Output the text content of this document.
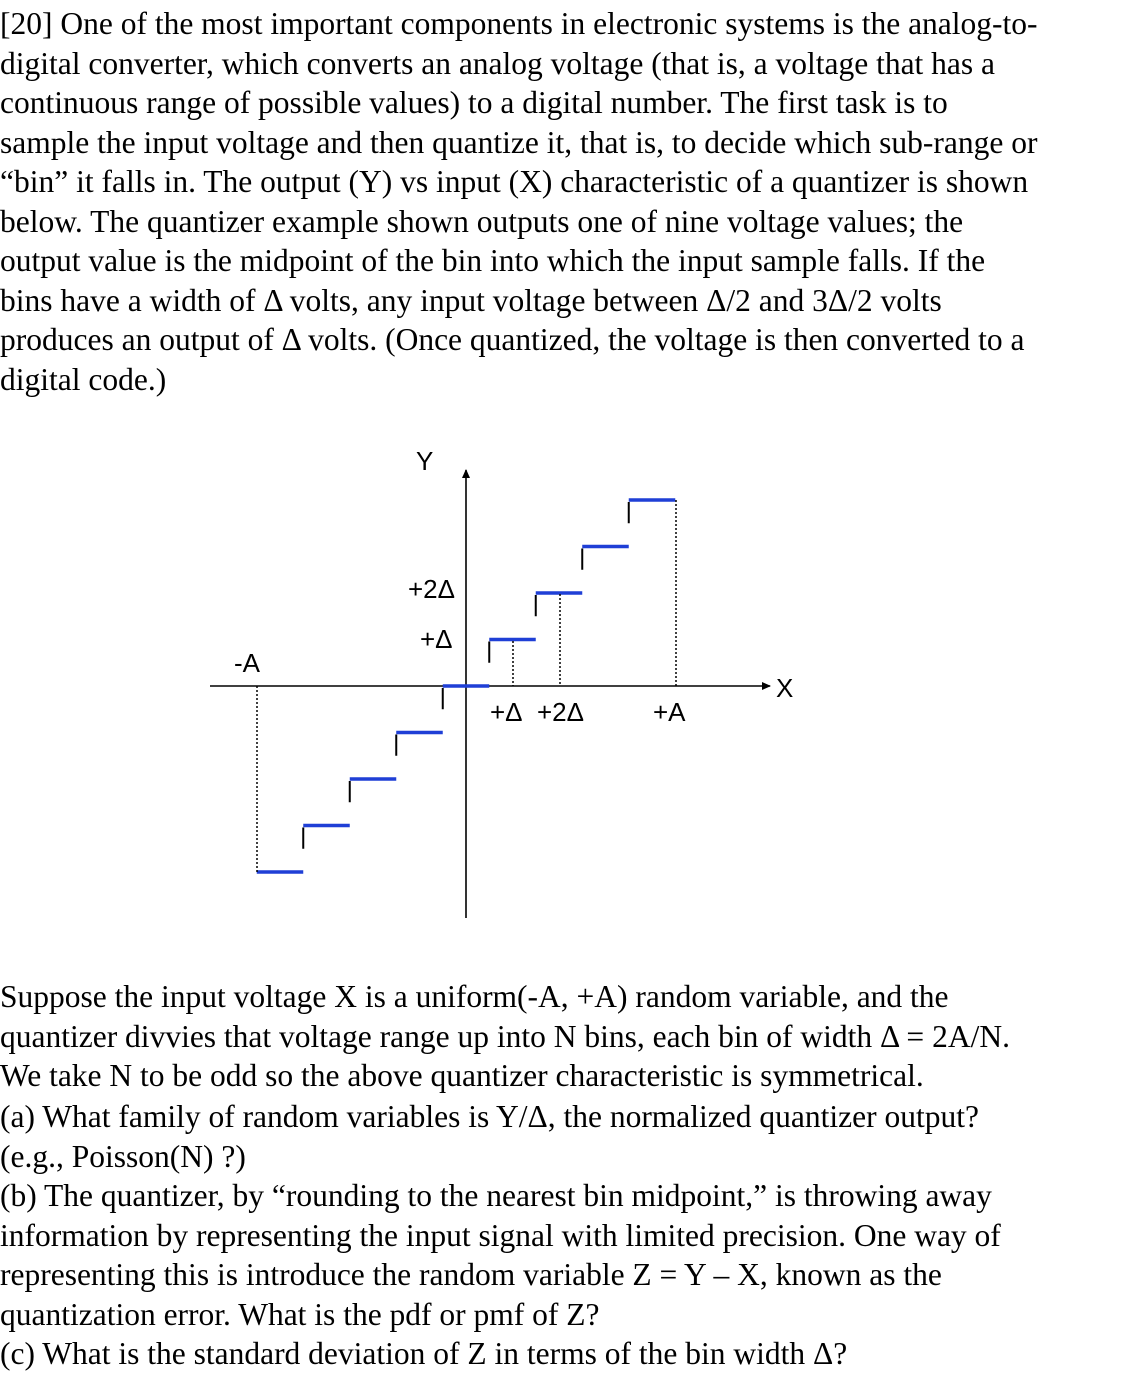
[20] One of the most important components in electronic systems is the analog-to-
digital converter, which converts an analog voltage (that is, a voltage that has a
continuous range of possible values) to a digital number. The first task is to
sample the input voltage and then quantize it, that is, to decide which sub-range or
“bin” it falls in. The output (Y) vs input (X) characteristic of a quantizer is shown
below. The quantizer example shown outputs one of nine voltage values; the
output value is the midpoint of the bin into which the input sample falls. If the
bins have a width of Δ volts, any input voltage between Δ/2 and 3Δ/2 volts
produces an output of Δ volts. (Once quantized, the voltage is then converted to a
digital code.)
Y
X
+2Δ
+Δ
-A
+Δ +2Δ	+A
Suppose the input voltage X is a uniform(-A, +A) random variable, and the
quantizer divvies that voltage range up into N bins, each bin of width Δ = 2A/N.
We take N to be odd so the above quantizer characteristic is symmetrical.
(a) What family of random variables is Y/Δ, the normalized quantizer output?
(e.g., Poisson(N) ?)
(b) The quantizer, by “rounding to the nearest bin midpoint,” is throwing away
information by representing the input signal with limited precision. One way of
representing this is introduce the random variable Z = Y – X, known as the
quantization error. What is the pdf or pmf of Z?
(c) What is the standard deviation of Z in terms of the bin width Δ?
